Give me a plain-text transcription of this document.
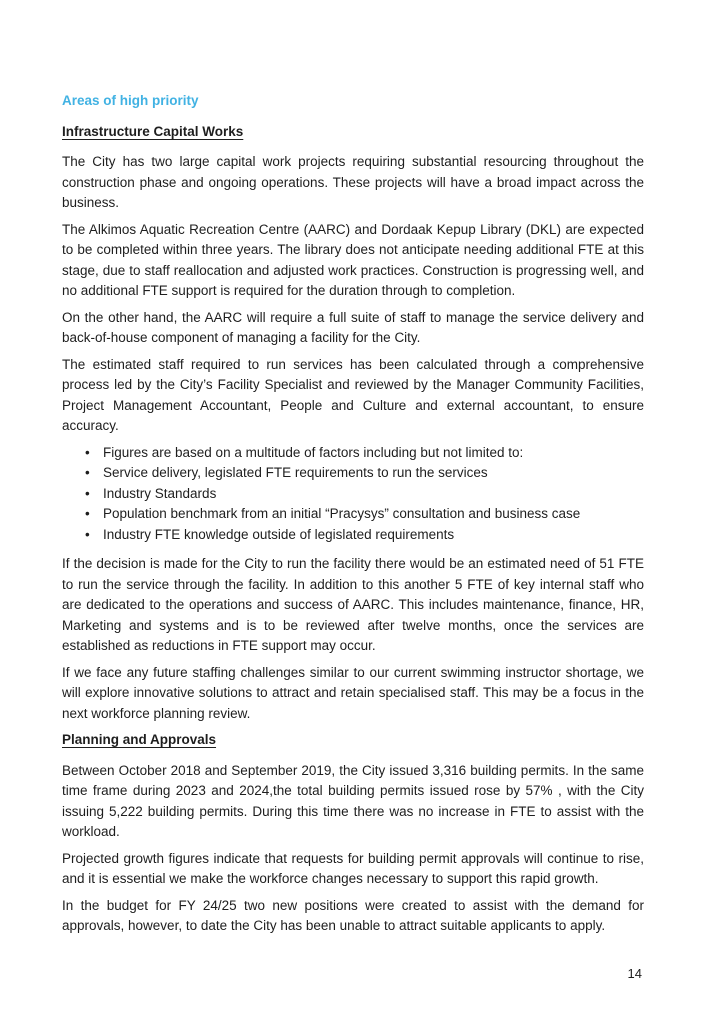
Areas of high priority
Infrastructure Capital Works

The City has two large capital work projects requiring substantial resourcing throughout the construction phase and ongoing operations. These projects will have a broad impact across the business.

The Alkimos Aquatic Recreation Centre (AARC) and Dordaak Kepup Library (DKL) are expected to be completed within three years. The library does not anticipate needing additional FTE at this stage, due to staff reallocation and adjusted work practices. Construction is progressing well, and no additional FTE support is required for the duration through to completion.

On the other hand, the AARC will require a full suite of staff to manage the service delivery and back-of-house component of managing a facility for the City.

The estimated staff required to run services has been calculated through a comprehensive process led by the City’s Facility Specialist and reviewed by the Manager Community Facilities, Project Management Accountant, People and Culture and external accountant, to ensure accuracy.

• Figures are based on a multitude of factors including but not limited to:
• Service delivery, legislated FTE requirements to run the services
• Industry Standards
• Population benchmark from an initial “Pracysys” consultation and business case
• Industry FTE knowledge outside of legislated requirements

If the decision is made for the City to run the facility there would be an estimated need of 51 FTE to run the service through the facility. In addition to this another 5 FTE of key internal staff who are dedicated to the operations and success of AARC. This includes maintenance, finance, HR, Marketing and systems and is to be reviewed after twelve months, once the services are established as reductions in FTE support may occur.

If we face any future staffing challenges similar to our current swimming instructor shortage, we will explore innovative solutions to attract and retain specialised staff. This may be a focus in the next workforce planning review.

Planning and Approvals

Between October 2018 and September 2019, the City issued 3,316 building permits. In the same time frame during 2023 and 2024,the total building permits issued rose by 57% , with the City issuing 5,222 building permits. During this time there was no increase in FTE to assist with the workload.

Projected growth figures indicate that requests for building permit approvals will continue to rise, and it is essential we make the workforce changes necessary to support this rapid growth.

In the budget for FY 24/25 two new positions were created to assist with the demand for approvals, however, to date the City has been unable to attract suitable applicants to apply.

14
